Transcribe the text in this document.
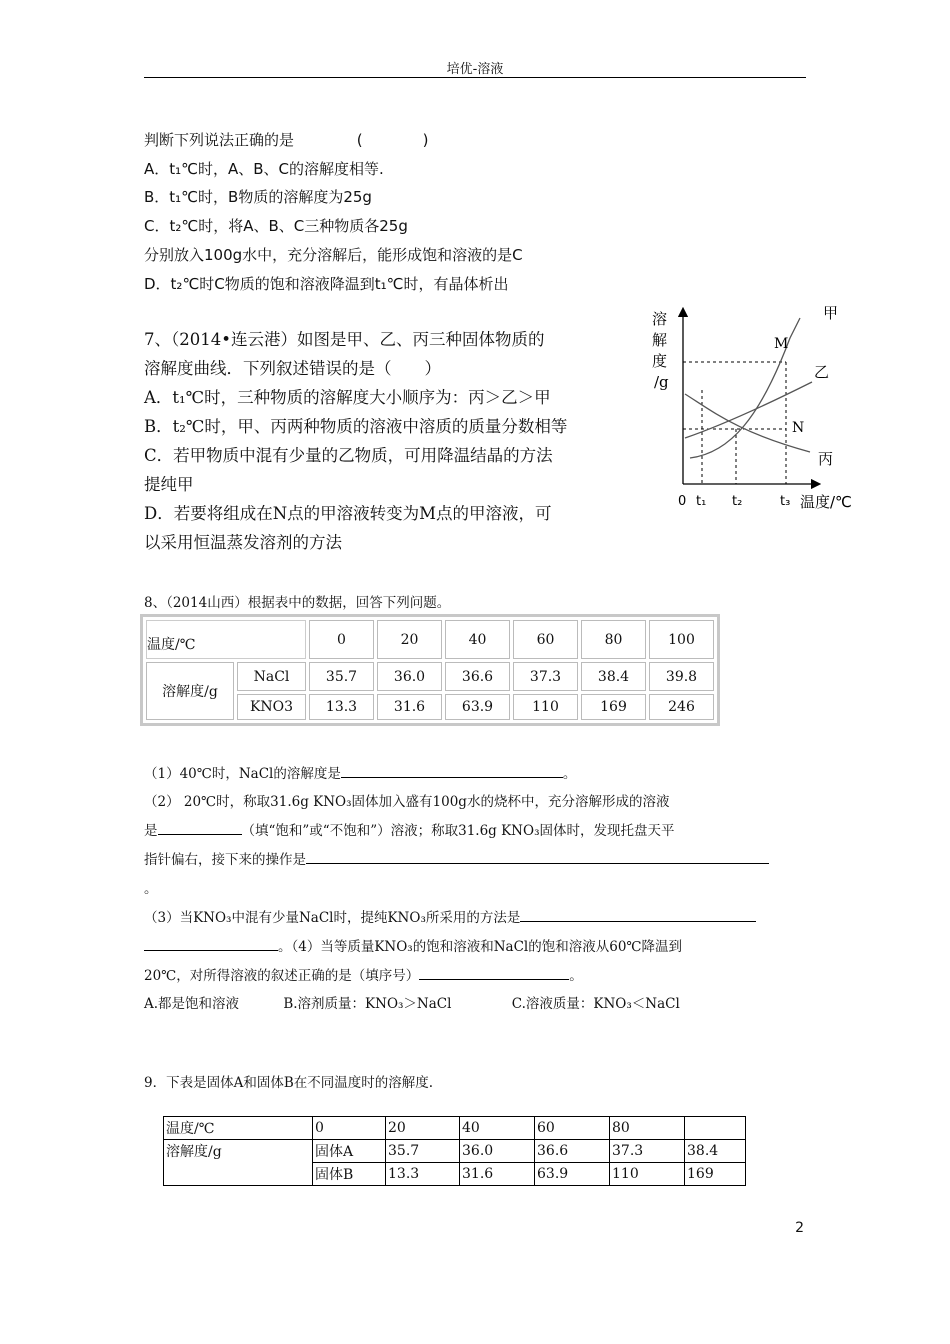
培优-溶液
判断下列说法正确的是	(　　　　)
A．t₁℃时，A、B、C的溶解度相等.
B．t₁℃时，B物质的溶解度为25g
C．t₂℃时，将A、B、C三种物质各25g
分别放入100g水中，充分溶解后，能形成饱和溶液的是C
D．t₂℃时C物质的饱和溶液降温到t₁℃时，有晶体析出
7、（2014•连云港）如图是甲、乙、丙三种固体物质的
溶解度曲线．下列叙述错误的是（　　）
A．t₁℃时，三种物质的溶解度大小顺序为：丙＞乙＞甲
B．t₂℃时，甲、丙两种物质的溶液中溶质的质量分数相等
C．若甲物质中混有少量的乙物质，可用降温结晶的方法
提纯甲
D．若要将组成在N点的甲溶液转变为M点的甲溶液，可
以采用恒温蒸发溶剂的方法
溶
解
度
/g
甲
乙
丙
M
N
0 t₁ t₂	t₃ 温度/℃
8、（2014山西）根据表中的数据，回答下列问题。
温度/℃		0	20	40	60	80	100
溶解度/g	NaCl	35.7	36.0	36.6	37.3	38.4	39.8
	KNO3	13.3	31.6	63.9	110	169	246
（1）40℃时，NaCl的溶解度是	。
（2） 20℃时，称取31.6g KNO₃固体加入盛有100g水的烧杯中，充分溶解形成的溶液
是	（填“饱和”或“不饱和”）溶液；称取31.6g KNO₃固体时，发现托盘天平
指针偏右，接下来的操作是
。
（3）当KNO₃中混有少量NaCl时，提纯KNO₃所采用的方法是
。（4）当等质量KNO₃的饱和溶液和NaCl的饱和溶液从60℃降温到
20℃，对所得溶液的叙述正确的是（填序号）	。
A.都是饱和溶液	B.溶剂质量：KNO₃＞NaCl	C.溶液质量：KNO₃＜NaCl
9．下表是固体A和固体B在不同温度时的溶解度.
温度/℃	0	20	40	60	80	
溶解度/g	固体A	35.7	36.0	36.6	37.3	38.4
	固体B	13.3	31.6	63.9	110	169
2
